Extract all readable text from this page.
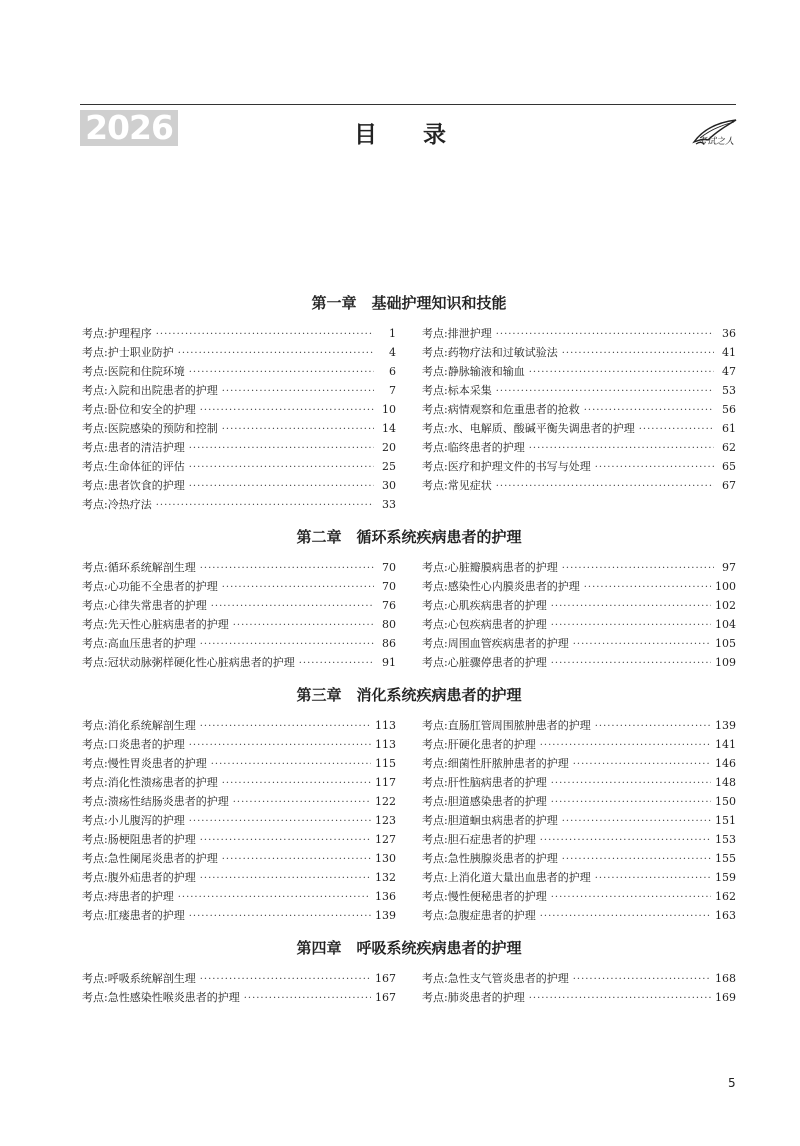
2026	目录	考试之人
第一章　基础护理知识和技能
考点:护理程序 ·····	1
考点:护士职业防护 ·····	4
考点:医院和住院环境 ·····	6
考点:入院和出院患者的护理 ·····	7
考点:卧位和安全的护理 ·····	10
考点:医院感染的预防和控制 ·····	14
考点:患者的清洁护理 ·····	20
考点:生命体征的评估 ·····	25
考点:患者饮食的护理 ·····	30
考点:冷热疗法 ·····	33
考点:排泄护理 ·····	36
考点:药物疗法和过敏试验法 ·····	41
考点:静脉输液和输血 ·····	47
考点:标本采集 ·····	53
考点:病情观察和危重患者的抢救 ·····	56
考点:水、电解质、酸碱平衡失调患者的护理 ·····	61
考点:临终患者的护理 ·····	62
考点:医疗和护理文件的书写与处理 ·····	65
考点:常见症状 ·····	67
第二章　循环系统疾病患者的护理
考点:循环系统解剖生理 ·····	70
考点:心功能不全患者的护理 ·····	70
考点:心律失常患者的护理 ·····	76
考点:先天性心脏病患者的护理 ·····	80
考点:高血压患者的护理 ·····	86
考点:冠状动脉粥样硬化性心脏病患者的护理 ·····	91
考点:心脏瓣膜病患者的护理 ·····	97
考点:感染性心内膜炎患者的护理 ·····	100
考点:心肌疾病患者的护理 ·····	102
考点:心包疾病患者的护理 ·····	104
考点:周围血管疾病患者的护理 ·····	105
考点:心脏骤停患者的护理 ·····	109
第三章　消化系统疾病患者的护理
考点:消化系统解剖生理 ·····	113
考点:口炎患者的护理 ·····	113
考点:慢性胃炎患者的护理 ·····	115
考点:消化性溃疡患者的护理 ·····	117
考点:溃疡性结肠炎患者的护理 ·····	122
考点:小儿腹泻的护理 ·····	123
考点:肠梗阻患者的护理 ·····	127
考点:急性阑尾炎患者的护理 ·····	130
考点:腹外疝患者的护理 ·····	132
考点:痔患者的护理 ·····	136
考点:肛瘘患者的护理 ·····	139
考点:直肠肛管周围脓肿患者的护理 ·····	139
考点:肝硬化患者的护理 ·····	141
考点:细菌性肝脓肿患者的护理 ·····	146
考点:肝性脑病患者的护理 ·····	148
考点:胆道感染患者的护理 ·····	150
考点:胆道蛔虫病患者的护理 ·····	151
考点:胆石症患者的护理 ·····	153
考点:急性胰腺炎患者的护理 ·····	155
考点:上消化道大量出血患者的护理 ·····	159
考点:慢性便秘患者的护理 ·····	162
考点:急腹症患者的护理 ·····	163
第四章　呼吸系统疾病患者的护理
考点:呼吸系统解剖生理 ·····	167
考点:急性感染性喉炎患者的护理 ·····	167
考点:急性支气管炎患者的护理 ·····	168
考点:肺炎患者的护理 ·····	169
5
